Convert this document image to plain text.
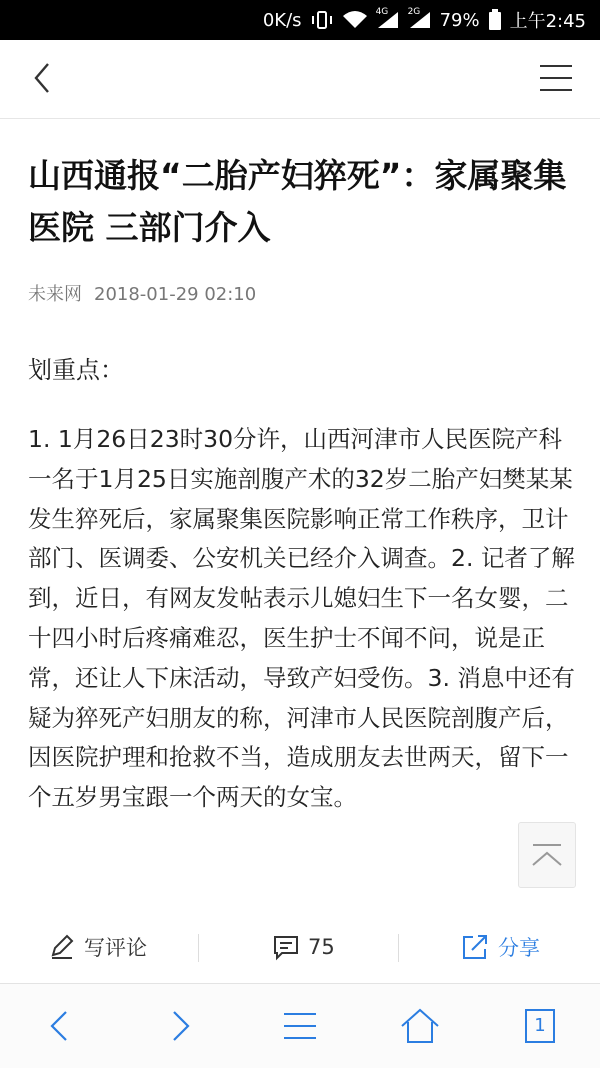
0K/s	4G 2G 79% 上午2:45
山西通报“二胎产妇猝死”：家属聚集医院 三部门介入
未来网 2018-01-29 02:10
划重点：

1. 1月26日23时30分许，山西河津市人民医院产科一名于1月25日实施剖腹产术的32岁二胎产妇樊某某发生猝死后，家属聚集医院影响正常工作秩序，卫计部门、医调委、公安机关已经介入调查。2. 记者了解到，近日，有网友发帖表示儿媳妇生下一名女婴，二十四小时后疼痛难忍，医生护士不闻不问，说是正常，还让人下床活动，导致产妇受伤。3. 消息中还有疑为猝死产妇朋友的称，河津市人民医院剖腹产后，因医院护理和抢救不当，造成朋友去世两天，留下一个五岁男宝跟一个两天的女宝。

写评论	75	分享
1
